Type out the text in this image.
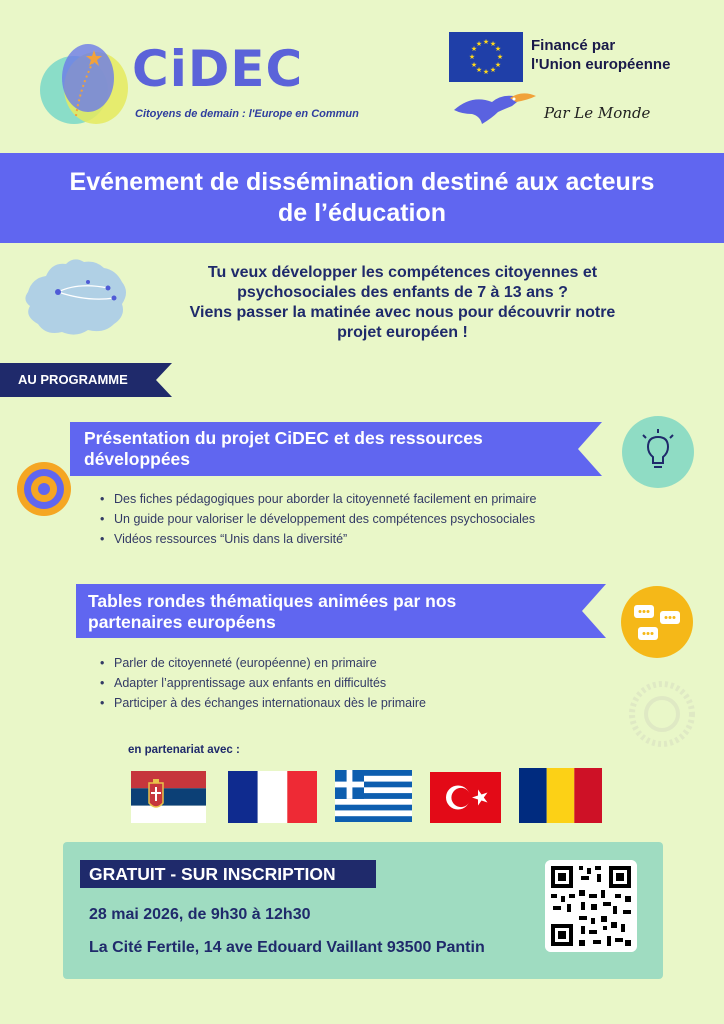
CiDEC
Citoyens de demain : l'Europe en Commun
★ ★
★
★
★
★
★
★
★
★
★
★	Financé par
l'Union européenne
Par Le Monde
Evénement de dissémination destiné aux acteurs
de l’éducation
Tu veux développer les compétences citoyennes et
psychosociales des enfants de 7 à 13 ans ?
Viens passer la matinée avec nous pour découvrir notre
projet européen !
AU PROGRAMME
Présentation du projet CiDEC et des ressources
développées
• Des fiches pédagogiques pour aborder la citoyenneté facilement en primaire
• Un guide pour valoriser le développement des compétences psychosociales
• Vidéos ressources “Unis dans la diversité”
Tables rondes thématiques animées par nos
partenaires européens
• Parler de citoyenneté (européenne) en primaire
• Adapter l’apprentissage aux enfants en difficultés
• Participer à des échanges internationaux dès le primaire
en partenariat avec :
GRATUIT - SUR INSCRIPTION
28 mai 2026, de 9h30 à 12h30
La Cité Fertile, 14 ave Edouard Vaillant 93500 Pantin
